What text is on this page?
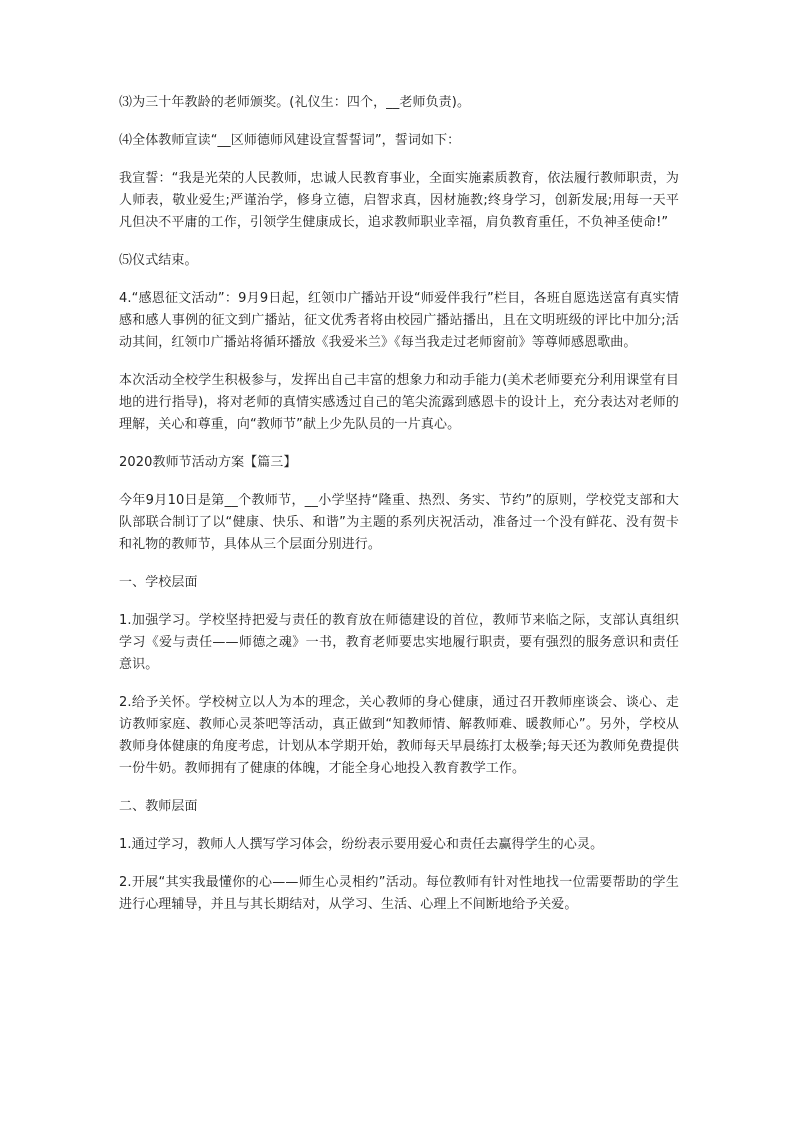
⑶为三十年教龄的老师颁奖。(礼仪生：四个，__老师负责)。

⑷全体教师宣读“__区师德师风建设宣誓誓词”，誓词如下：

我宣誓：“我是光荣的人民教师，忠诚人民教育事业，全面实施素质教育，依法履行教师职责，为人师表，敬业爱生;严谨治学，修身立德，启智求真，因材施教;终身学习，创新发展;用每一天平凡但决不平庸的工作，引领学生健康成长，追求教师职业幸福，肩负教育重任，不负神圣使命!”

⑸仪式结束。

4.“感恩征文活动”：9月9日起，红领巾广播站开设“师爱伴我行”栏目，各班自愿选送富有真实情感和感人事例的征文到广播站，征文优秀者将由校园广播站播出，且在文明班级的评比中加分;活动其间，红领巾广播站将循环播放《我爱米兰》《每当我走过老师窗前》等尊师感恩歌曲。

本次活动全校学生积极参与，发挥出自己丰富的想象力和动手能力(美术老师要充分利用课堂有目地的进行指导)，将对老师的真情实感透过自己的笔尖流露到感恩卡的设计上，充分表达对老师的理解，关心和尊重，向“教师节”献上少先队员的一片真心。

2020教师节活动方案【篇三】

今年9月10日是第__个教师节，__小学坚持“隆重、热烈、务实、节约”的原则，学校党支部和大队部联合制订了以“健康、快乐、和谐”为主题的系列庆祝活动，准备过一个没有鲜花、没有贺卡和礼物的教师节，具体从三个层面分别进行。

一、学校层面

1.加强学习。学校坚持把爱与责任的教育放在师德建设的首位，教师节来临之际，支部认真组织学习《爱与责任——师德之魂》一书，教育老师要忠实地履行职责，要有强烈的服务意识和责任意识。

2.给予关怀。学校树立以人为本的理念，关心教师的身心健康，通过召开教师座谈会、谈心、走访教师家庭、教师心灵茶吧等活动，真正做到“知教师情、解教师难、暖教师心”。另外，学校从教师身体健康的角度考虑，计划从本学期开始，教师每天早晨练打太极拳;每天还为教师免费提供一份牛奶。教师拥有了健康的体魄，才能全身心地投入教育教学工作。

二、教师层面

1.通过学习，教师人人撰写学习体会，纷纷表示要用爱心和责任去赢得学生的心灵。

2.开展“其实我最懂你的心——师生心灵相约”活动。每位教师有针对性地找一位需要帮助的学生进行心理辅导，并且与其长期结对，从学习、生活、心理上不间断地给予关爱。
